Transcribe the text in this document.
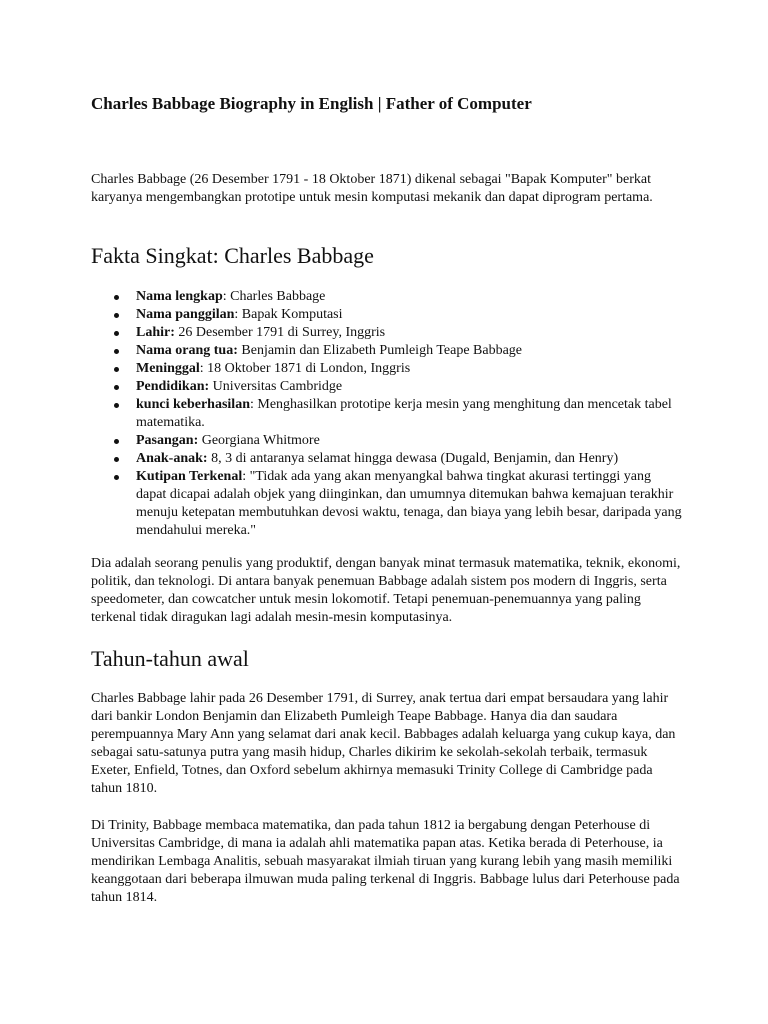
Charles Babbage Biography in English | Father of Computer

Charles Babbage (26 Desember 1791 - 18 Oktober 1871) dikenal sebagai "Bapak Komputer" berkat karyanya mengembangkan prototipe untuk mesin komputasi mekanik dan dapat diprogram pertama.

Fakta Singkat: Charles Babbage
Nama lengkap: Charles Babbage
Nama panggilan: Bapak Komputasi
Lahir: 26 Desember 1791 di Surrey, Inggris
Nama orang tua: Benjamin dan Elizabeth Pumleigh Teape Babbage
Meninggal: 18 Oktober 1871 di London, Inggris
Pendidikan: Universitas Cambridge
kunci keberhasilan: Menghasilkan prototipe kerja mesin yang menghitung dan mencetak tabel matematika.
Pasangan: Georgiana Whitmore
Anak-anak: 8, 3 di antaranya selamat hingga dewasa (Dugald, Benjamin, dan Henry)
Kutipan Terkenal: "Tidak ada yang akan menyangkal bahwa tingkat akurasi tertinggi yang dapat dicapai adalah objek yang diinginkan, dan umumnya ditemukan bahwa kemajuan terakhir menuju ketepatan membutuhkan devosi waktu, tenaga, dan biaya yang lebih besar, daripada yang mendahului mereka."

Dia adalah seorang penulis yang produktif, dengan banyak minat termasuk matematika, teknik, ekonomi, politik, dan teknologi. Di antara banyak penemuan Babbage adalah sistem pos modern di Inggris, serta speedometer, dan cowcatcher untuk mesin lokomotif. Tetapi penemuan-penemuannya yang paling terkenal tidak diragukan lagi adalah mesin-mesin komputasinya.

Tahun-tahun awal

Charles Babbage lahir pada 26 Desember 1791, di Surrey, anak tertua dari empat bersaudara yang lahir dari bankir London Benjamin dan Elizabeth Pumleigh Teape Babbage. Hanya dia dan saudara perempuannya Mary Ann yang selamat dari anak kecil. Babbages adalah keluarga yang cukup kaya, dan sebagai satu-satunya putra yang masih hidup, Charles dikirim ke sekolah-sekolah terbaik, termasuk Exeter, Enfield, Totnes, dan Oxford sebelum akhirnya memasuki Trinity College di Cambridge pada tahun 1810.

Di Trinity, Babbage membaca matematika, dan pada tahun 1812 ia bergabung dengan Peterhouse di Universitas Cambridge, di mana ia adalah ahli matematika papan atas. Ketika berada di Peterhouse, ia mendirikan Lembaga Analitis, sebuah masyarakat ilmiah tiruan yang kurang lebih yang masih memiliki keanggotaan dari beberapa ilmuwan muda paling terkenal di Inggris. Babbage lulus dari Peterhouse pada tahun 1814.
